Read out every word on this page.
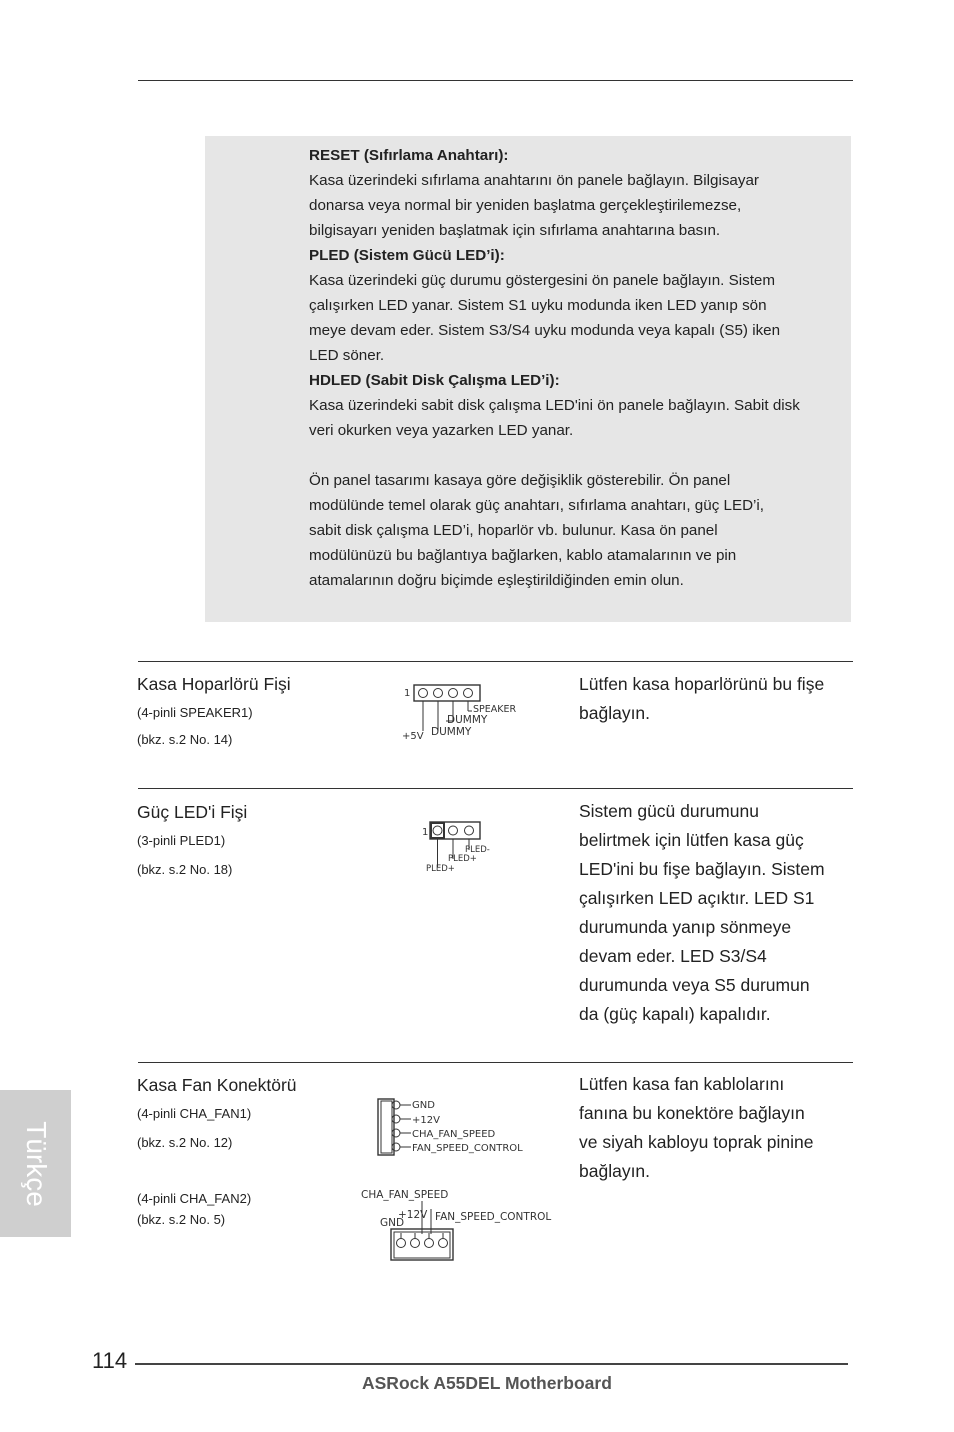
RESET (Sıfırlama Anahtarı):

Kasa üzerindeki sıfırlama anahtarını ön panele bağlayın. Bilgisayar

donarsa veya normal bir yeniden başlatma gerçekleştirilemezse,

bilgisayarı yeniden başlatmak için sıfırlama anahtarına basın.

PLED (Sistem Gücü LED’i):

Kasa üzerindeki güç durumu göstergesini ön panele bağlayın. Sistem

çalışırken LED yanar. Sistem S1 uyku modunda iken LED yanıp sön

meye devam eder. Sistem S3/S4 uyku modunda veya kapalı (S5) iken

LED söner.

HDLED (Sabit Disk Çalışma LED’i):

Kasa üzerindeki sabit disk çalışma LED'ini ön panele bağlayın. Sabit disk

veri okurken veya yazarken LED yanar.

Ön panel tasarımı kasaya göre değişiklik gösterebilir. Ön panel

modülünde temel olarak güç anahtarı, sıfırlama anahtarı, güç LED’i,

sabit disk çalışma LED’i, hoparlör vb. bulunur. Kasa ön panel

modülünüzü bu bağlantıya bağlarken, kablo atamalarının ve pin

atamalarının doğru biçimde eşleştirildiğinden emin olun.

Kasa Hoparlörü Fişi
(4-pinli SPEAKER1)
(bkz. s.2 No. 14)
Lütfen kasa hoparlörünü bu fişe
bağlayın.
1
SPEAKER
DUMMY
+5V DUMMY
Güç LED'i Fişi
(3-pinli PLED1)
(bkz. s.2 No. 18)
Sistem gücü durumunu
belirtmek için lütfen kasa güç
LED'ini bu fişe bağlayın. Sistem
çalışırken LED açıktır. LED S1
durumunda yanıp sönmeye
devam eder. LED S3/S4
durumunda veya S5 durumun
da (güç kapalı) kapalıdır.
1
PLED-
PLED+
PLED+
Kasa Fan Konektörü
(4-pinli CHA_FAN1)
(bkz. s.2 No. 12)
(4-pinli CHA_FAN2)
(bkz. s.2 No. 5)
Lütfen kasa fan kablolarını
fanına bu konektöre bağlayın
ve siyah kabloyu toprak pinine
bağlayın.
GND
+12V
CHA_FAN_SPEED
FAN_SPEED_CONTROL
CHA_FAN_SPEED
+12V FAN_SPEED_CONTROL
GND
Türkçe
114
ASRock A55DEL Motherboard
